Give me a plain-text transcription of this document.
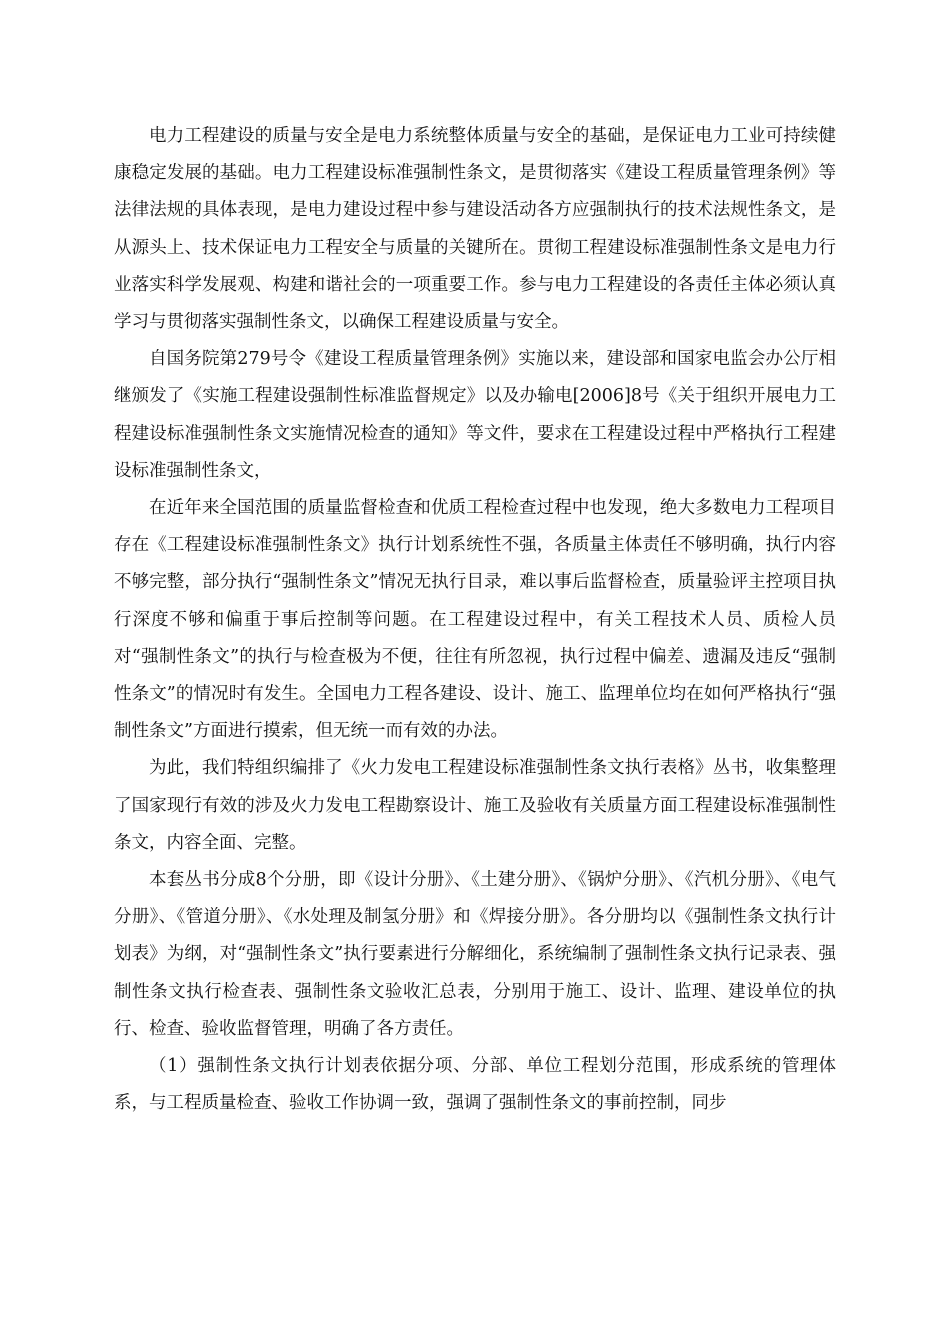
电力工程建设的质量与安全是电力系统整体质量与安全的基础，是保证电力工业可持续健康稳定发展的基础。电力工程建设标准强制性条文，是贯彻落实《建设工程质量管理条例》等法律法规的具体表现，是电力建设过程中参与建设活动各方应强制执行的技术法规性条文，是从源头上、技术保证电力工程安全与质量的关键所在。贯彻工程建设标准强制性条文是电力行业落实科学发展观、构建和谐社会的一项重要工作。参与电力工程建设的各责任主体必须认真学习与贯彻落实强制性条文，以确保工程建设质量与安全。

自国务院第279号令《建设工程质量管理条例》实施以来，建设部和国家电监会办公厅相继颁发了《实施工程建设强制性标准监督规定》以及办输电[2006]8号《关于组织开展电力工程建设标准强制性条文实施情况检查的通知》等文件，要求在工程建设过程中严格执行工程建设标准强制性条文，

在近年来全国范围的质量监督检查和优质工程检查过程中也发现，绝大多数电力工程项目存在《工程建设标准强制性条文》执行计划系统性不强，各质量主体责任不够明确，执行内容不够完整，部分执行“强制性条文”情况无执行目录，难以事后监督检查，质量验评主控项目执行深度不够和偏重于事后控制等问题。在工程建设过程中，有关工程技术人员、质检人员对“强制性条文”的执行与检查极为不便，往往有所忽视，执行过程中偏差、遗漏及违反“强制性条文”的情况时有发生。全国电力工程各建设、设计、施工、监理单位均在如何严格执行“强制性条文”方面进行摸索，但无统一而有效的办法。

为此，我们特组织编排了《火力发电工程建设标准强制性条文执行表格》丛书，收集整理了国家现行有效的涉及火力发电工程勘察设计、施工及验收有关质量方面工程建设标准强制性条文，内容全面、完整。

本套丛书分成8个分册，即《设计分册》、《土建分册》、《锅炉分册》、《汽机分册》、《电气分册》、《管道分册》、《水处理及制氢分册》和《焊接分册》。各分册均以《强制性条文执行计划表》为纲，对“强制性条文”执行要素进行分解细化，系统编制了强制性条文执行记录表、强制性条文执行检查表、强制性条文验收汇总表，分别用于施工、设计、监理、建设单位的执行、检查、验收监督管理，明确了各方责任。

（1）强制性条文执行计划表依据分项、分部、单位工程划分范围，形成系统的管理体系，与工程质量检查、验收工作协调一致，强调了强制性条文的事前控制，同步
